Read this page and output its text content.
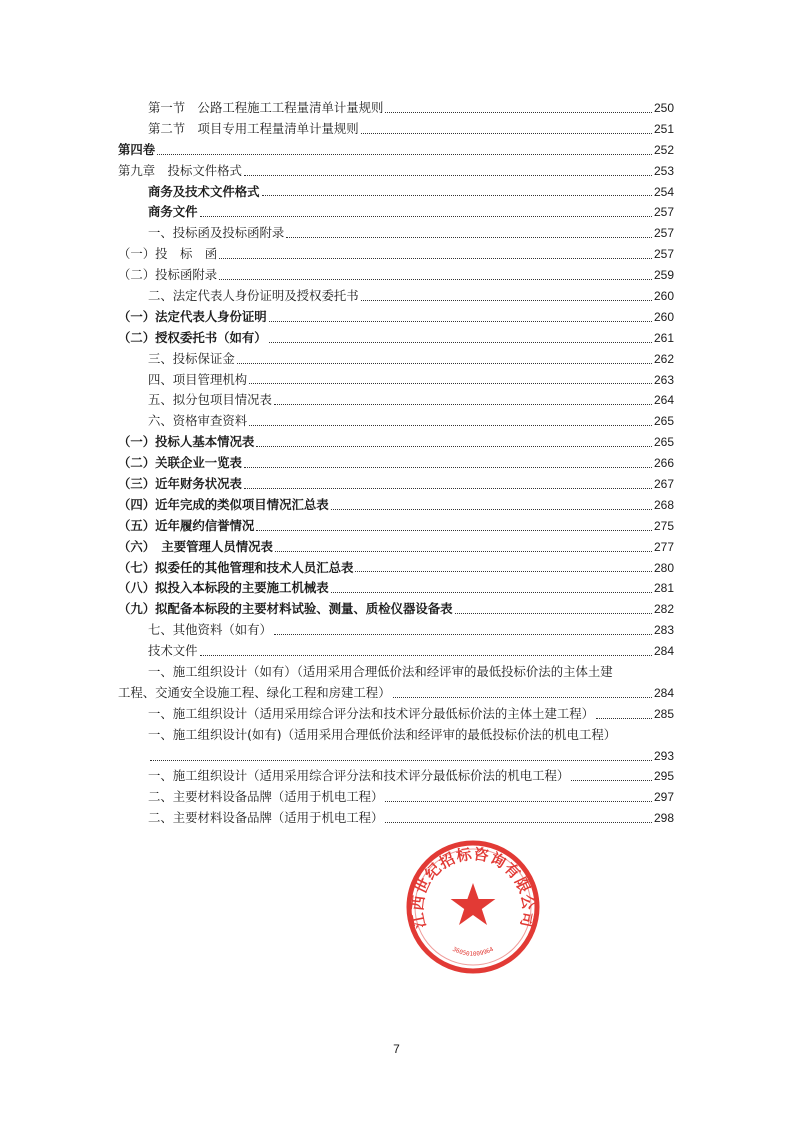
第一节　公路工程施工工程量清单计量规则	250
第二节　项目专用工程量清单计量规则	251
第四卷	252
第九章　投标文件格式	253
商务及技术文件格式	254
商务文件	257
一、投标函及投标函附录	257
（一）投　标　函	257
（二）投标函附录	259
二、法定代表人身份证明及授权委托书	260
（一）法定代表人身份证明	260
（二）授权委托书（如有）	261
三、投标保证金	262
四、项目管理机构	263
五、拟分包项目情况表	264
六、资格审查资料	265
（一）投标人基本情况表	265
（二）关联企业一览表	266
（三）近年财务状况表	267
（四）近年完成的类似项目情况汇总表	268
（五）近年履约信誉情况	275
（六）　主要管理人员情况表	277
（七）拟委任的其他管理和技术人员汇总表	280
（八）拟投入本标段的主要施工机械表	281
（九）拟配备本标段的主要材料试验、测量、质检仪器设备表	282
七、其他资料（如有）	283
技术文件	284
一、施工组织设计（如有）（适用采用合理低价法和经评审的最低投标价法的主体土建
工程、交通安全设施工程、绿化工程和房建工程）	284
一、施工组织设计（适用采用综合评分法和技术评分最低标价法的主体土建工程）	285
一、施工组织设计(如有)（适用采用合理低价法和经评审的最低投标价法的机电工程）
293
一、施工组织设计（适用采用综合评分法和技术评分最低标价法的机电工程）	295
二、主要材料设备品牌（适用于机电工程）	297
二、主要材料设备品牌（适用于机电工程）	298
江西世纪招标咨询有限公司
360501009964
7
